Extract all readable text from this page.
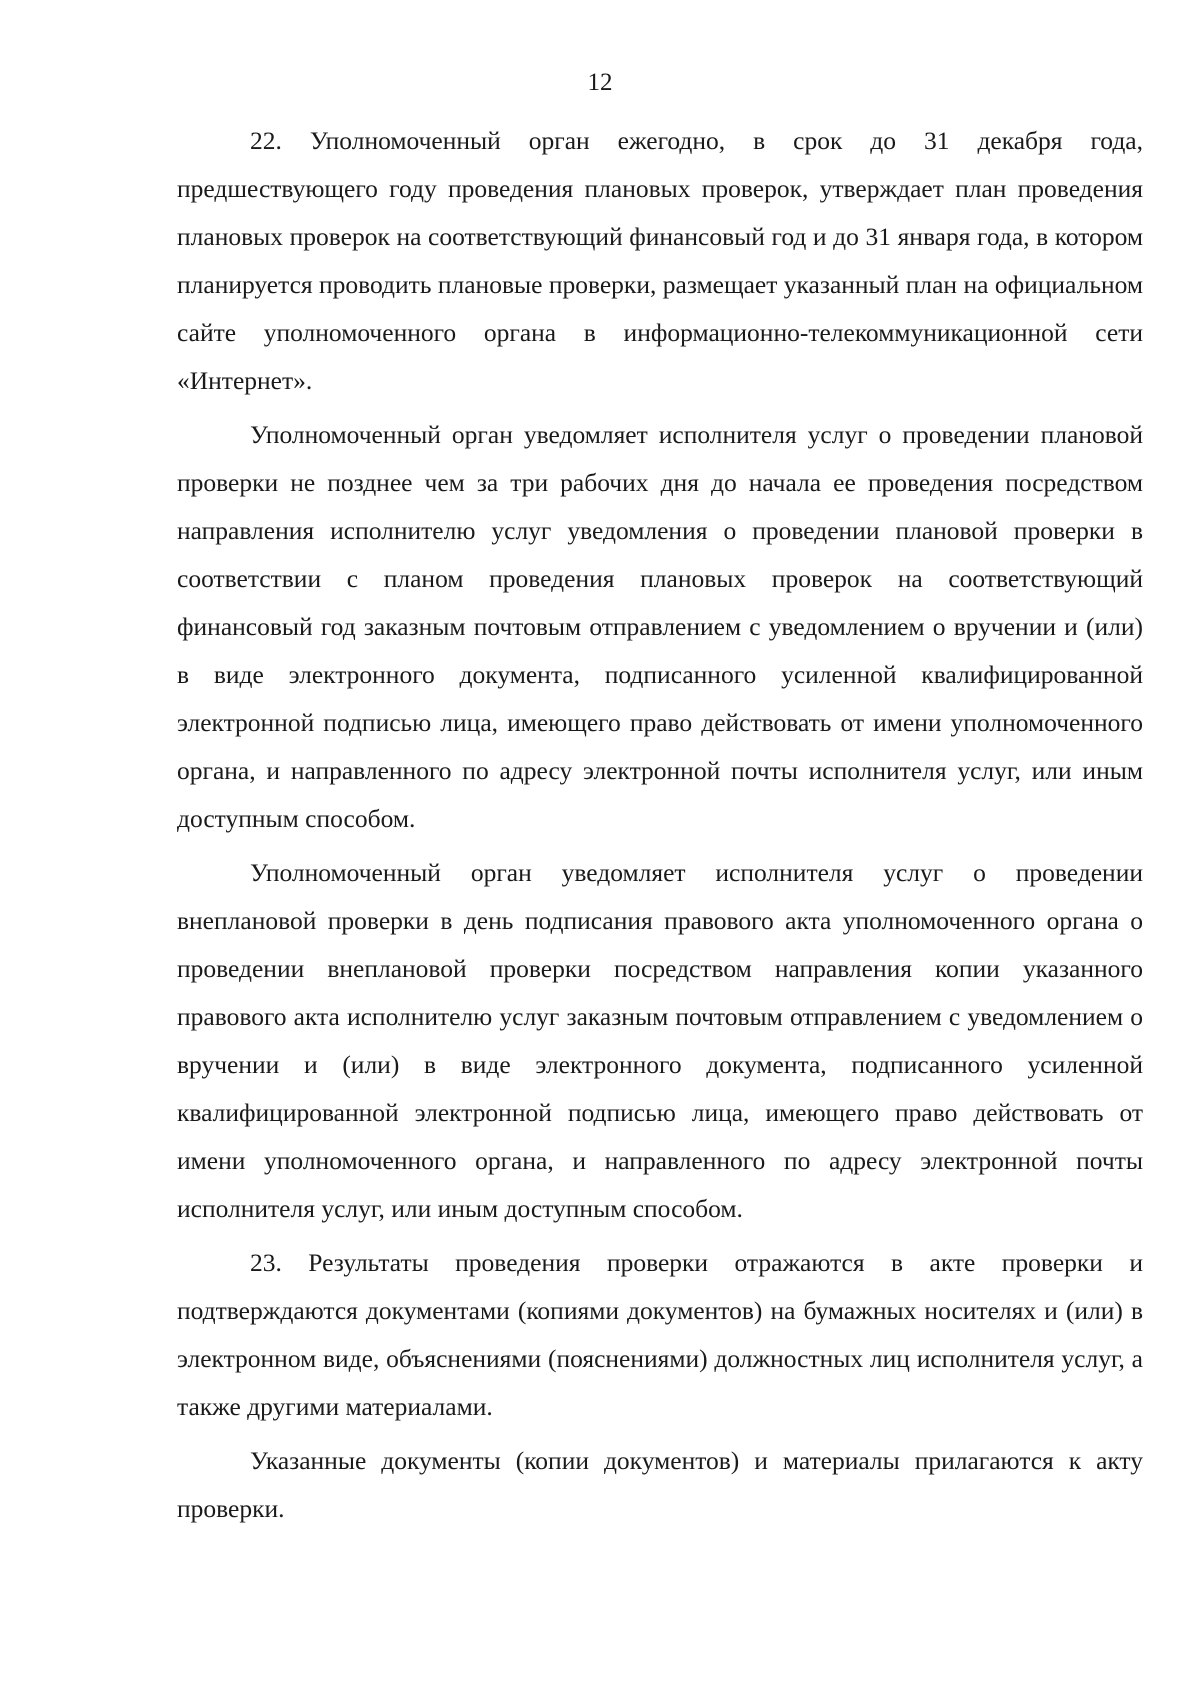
12

22. Уполномоченный орган ежегодно, в срок до 31 декабря года, предшествующего году проведения плановых проверок, утверждает план проведения плановых проверок на соответствующий финансовый год и до 31 января года, в котором планируется проводить плановые проверки, размещает указанный план на официальном сайте уполномоченного органа в информационно-телекоммуникационной сети «Интернет».

Уполномоченный орган уведомляет исполнителя услуг о проведении плановой проверки не позднее чем за три рабочих дня до начала ее проведения посредством направления исполнителю услуг уведомления о проведении плановой проверки в соответствии с планом проведения плановых проверок на соответствующий финансовый год заказным почтовым отправлением с уведомлением о вручении и (или) в виде электронного документа, подписанного усиленной квалифицированной электронной подписью лица, имеющего право действовать от имени уполномоченного органа, и направленного по адресу электронной почты исполнителя услуг, или иным доступным способом.

Уполномоченный орган уведомляет исполнителя услуг о проведении внеплановой проверки в день подписания правового акта уполномоченного органа о проведении внеплановой проверки посредством направления копии указанного правового акта исполнителю услуг заказным почтовым отправлением с уведомлением о вручении и (или) в виде электронного документа, подписанного усиленной квалифицированной электронной подписью лица, имеющего право действовать от имени уполномоченного органа, и направленного по адресу электронной почты исполнителя услуг, или иным доступным способом.

23. Результаты проведения проверки отражаются в акте проверки и подтверждаются документами (копиями документов) на бумажных носителях и (или) в электронном виде, объяснениями (пояснениями) должностных лиц исполнителя услуг, а также другими материалами.

Указанные документы (копии документов) и материалы прилагаются к акту проверки.
